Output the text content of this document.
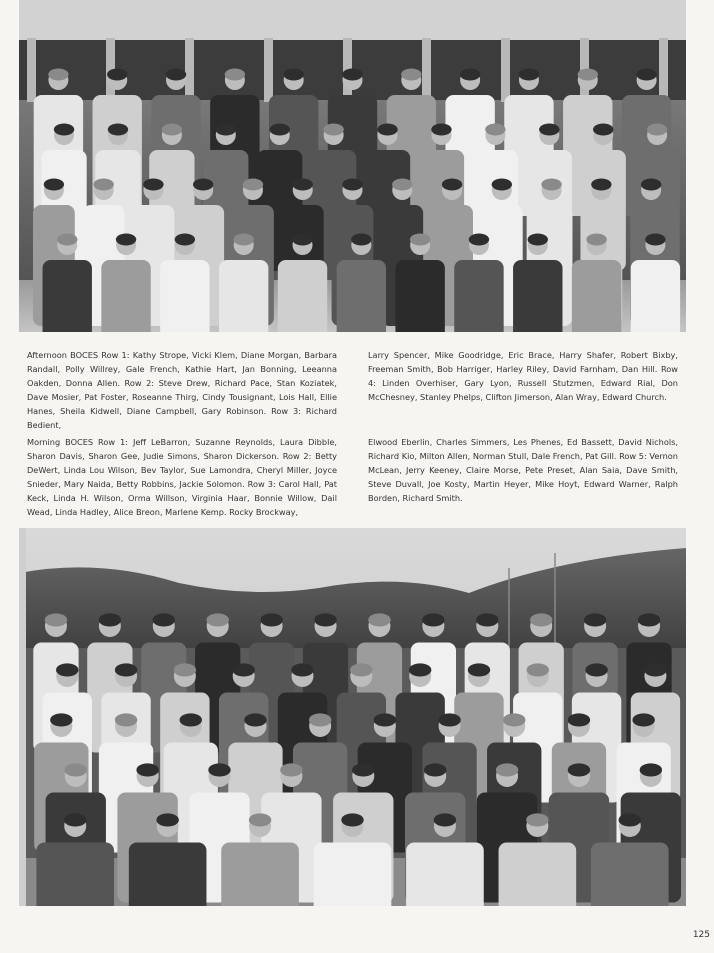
Afternoon BOCES Row 1: Kathy Strope, Vicki Klem, Diane Morgan, Barbara Randall, Polly Willrey, Gale French, Kathie Hart, Jan Bonning, Leeanna Oakden, Donna Allen. Row 2: Steve Drew, Richard Pace, Stan Koziatek, Dave Mosier, Pat Foster, Roseanne Thirg, Cindy Tousignant, Lois Hall, Ellie Hanes, Sheila Kidwell, Diane Campbell, Gary Robinson. Row 3: Richard Bedient,

Larry Spencer, Mike Goodridge, Eric Brace, Harry Shafer, Robert Bixby, Freeman Smith, Bob Harriger, Harley Riley, David Farnham, Dan Hill. Row 4: Linden Overhiser, Gary Lyon, Russell Stutzmen, Edward Rial, Don McChesney, Stanley Phelps, Clifton Jimerson, Alan Wray, Edward Church.

Morning BOCES Row 1: Jeff LeBarron, Suzanne Reynolds, Laura Dibble, Sharon Davis, Sharon Gee, Judie Simons, Sharon Dickerson. Row 2: Betty DeWert, Linda Lou Wilson, Bev Taylor, Sue Lamondra, Cheryl Miller, Joyce Snieder, Mary Naida, Betty Robbins, Jackie Solomon. Row 3: Carol Hall, Pat Keck, Linda H. Wilson, Orma Willson, Virginia Haar, Bonnie Willow, Dail Wead, Linda Hadley, Alice Breon, Marlene Kemp. Rocky Brockway,

Elwood Eberlin, Charles Simmers, Les Phenes, Ed Bassett, David Nichols, Richard Kio, Milton Allen, Norman Stull, Dale French, Pat Gill. Row 5: Vernon McLean, Jerry Keeney, Claire Morse, Pete Preset, Alan Saia, Dave Smith, Steve Duvall, Joe Kosty, Martin Heyer, Mike Hoyt, Edward Warner, Ralph Borden, Richard Smith.

125
